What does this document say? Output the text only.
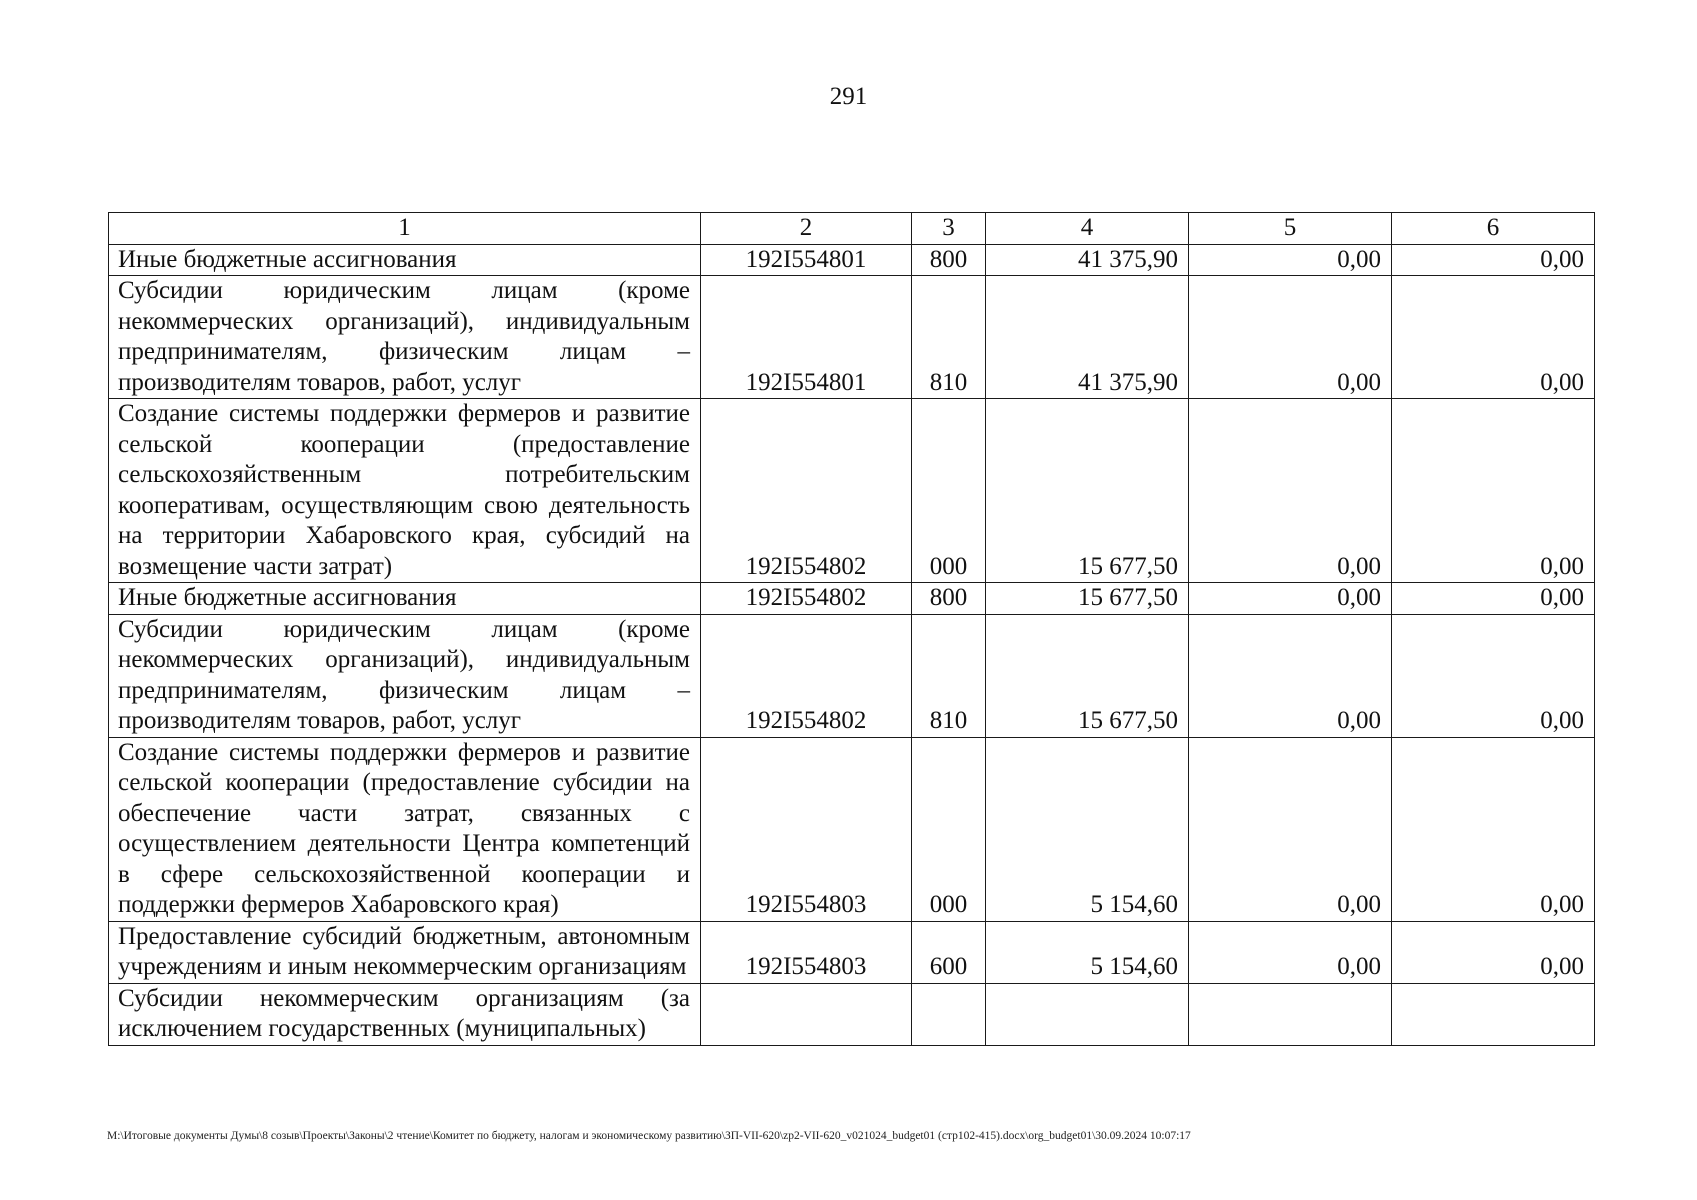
291
1	2	3	4	5	6
Иные бюджетные ассигнования	192I554801	800	41 375,90	0,00	0,00
Субсидии юридическим лицам (кроме некоммерческих организаций), индивидуальным предпринимателям, физическим лицам – производителям товаров, работ, услуг	192I554801	810	41 375,90	0,00	0,00
Создание системы поддержки фермеров и развитие сельской кооперации (предоставление сельскохозяйственным потребительским кооперативам, осуществляющим свою деятельность на территории Хабаровского края, субсидий на возмещение части затрат)	192I554802	000	15 677,50	0,00	0,00
Иные бюджетные ассигнования	192I554802	800	15 677,50	0,00	0,00
Субсидии юридическим лицам (кроме некоммерческих организаций), индивидуальным предпринимателям, физическим лицам – производителям товаров, работ, услуг	192I554802	810	15 677,50	0,00	0,00
Создание системы поддержки фермеров и развитие сельской кооперации (предоставление субсидии на обеспечение части затрат, связанных с осуществлением деятельности Центра компетенций в сфере сельскохозяйственной кооперации и поддержки фермеров Хабаровского края)	192I554803	000	5 154,60	0,00	0,00
Предоставление субсидий бюджетным, автономным учреждениям и иным некоммерческим организациям	192I554803	600	5 154,60	0,00	0,00
Субсидии некоммерческим организациям (за исключением государственных (муниципальных)					
M:\Итоговые документы Думы\8 созыв\Проекты\Законы\2 чтение\Комитет по бюджету, налогам и экономическому развитию\ЗП-VII-620\zp2-VII-620_v021024_budget01 (стр102-415).docx\org_budget01\30.09.2024 10:07:17
